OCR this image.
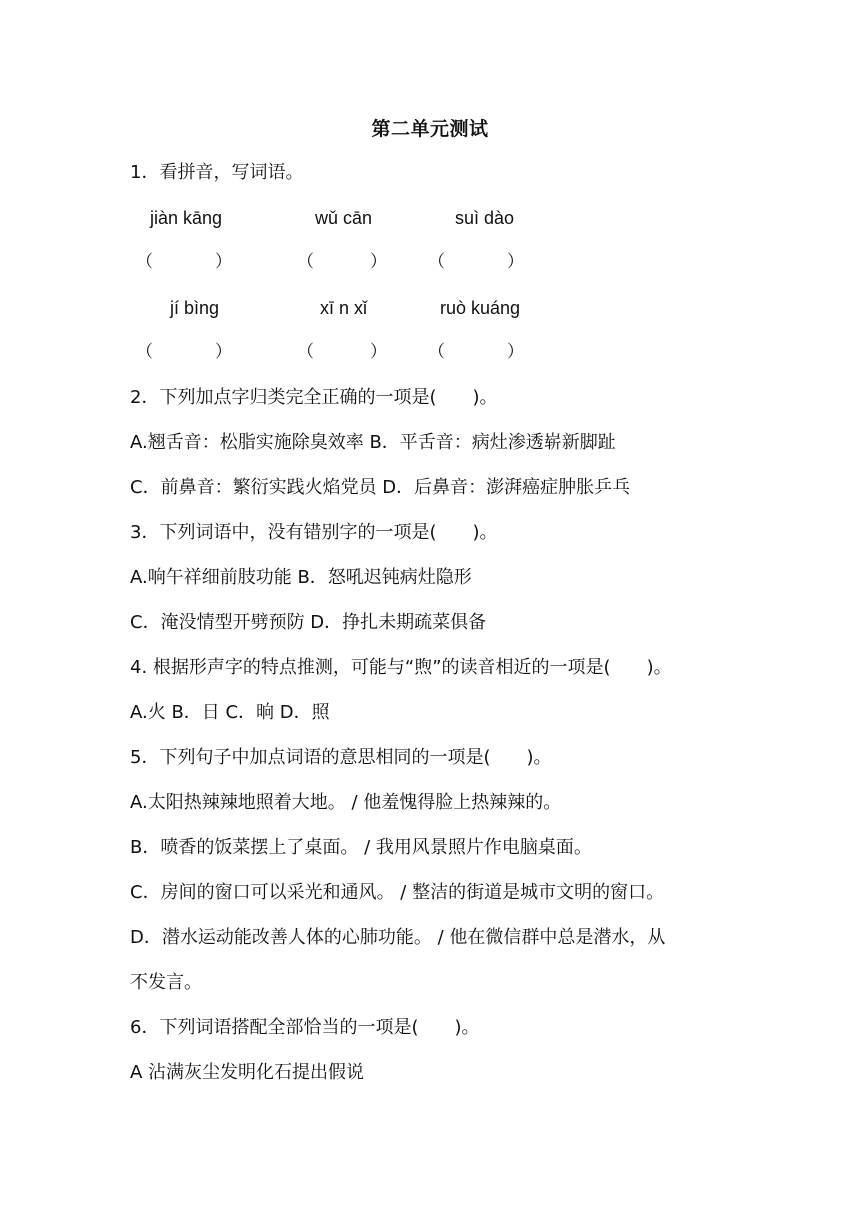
第二单元测试
1．看拼音，写词语。
jiàn kāng	wǔ cān	suì dào
（	）	（	） （	）
jí bìng	xī n xǐ	ruò kuáng
（	）	（	） （	）
2．下列加点字归类完全正确的一项是(　　)。
A.翘舌音：松脂实施除臭效率 B．平舌音：病灶渗透崭新脚趾
C．前鼻音：繁衍实践火焰党员 D．后鼻音：澎湃癌症肿胀乒乓
3．下列词语中，没有错别字的一项是(　　)。
A.响午祥细前肢功能 B．怒吼迟钝病灶隐形
C．淹没情型开劈预防 D．挣扎未期疏菜俱备
4. 根据形声字的特点推测，可能与“煦”的读音相近的一项是(　　)。
A.火 B．日 C．晌 D．照
5．下列句子中加点词语的意思相同的一项是(　　)。
A.太阳热辣辣地照着大地。 / 他羞愧得脸上热辣辣的。
B．喷香的饭菜摆上了桌面。 / 我用风景照片作电脑桌面。
C．房间的窗口可以采光和通风。 / 整洁的街道是城市文明的窗口。
D．潜水运动能改善人体的心肺功能。 / 他在微信群中总是潜水，从
不发言。
6．下列词语搭配全部恰当的一项是(　　)。
A 沾满灰尘发明化石提出假说
